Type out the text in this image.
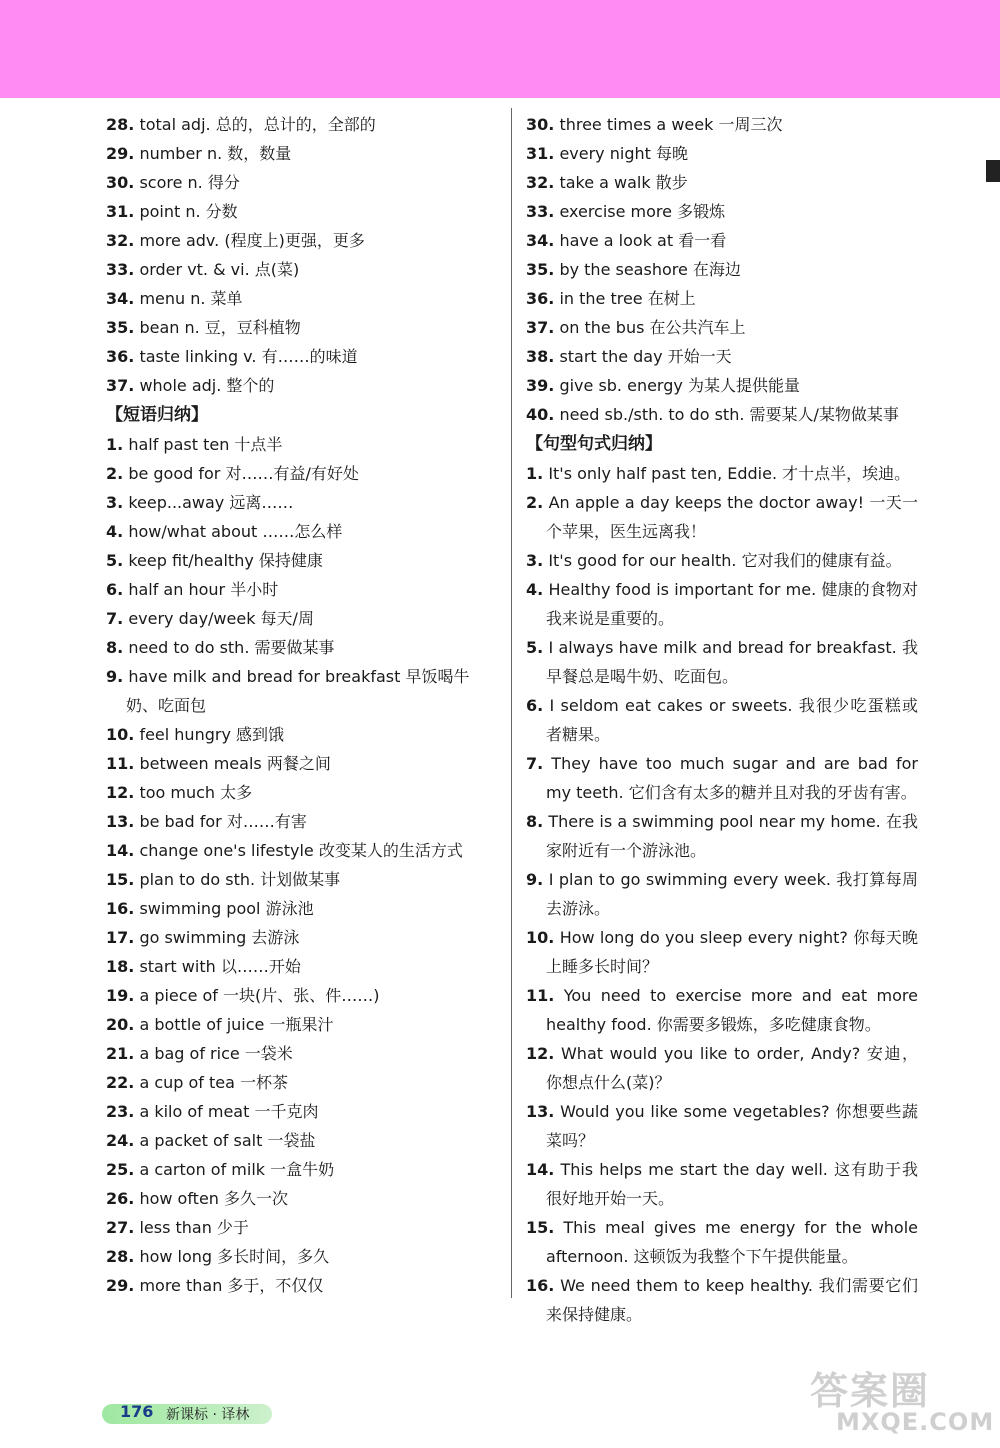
28. total adj. 总的，总计的，全部的
29. number n. 数，数量
30. score n. 得分
31. point n. 分数
32. more adv. (程度上)更强，更多
33. order vt. & vi. 点(菜)
34. menu n. 菜单
35. bean n. 豆，豆科植物
36. taste linking v. 有……的味道
37. whole adj. 整个的
【短语归纳】
1. half past ten 十点半
2. be good for 对……有益/有好处
3. keep...away 远离……
4. how/what about ……怎么样
5. keep fit/healthy 保持健康
6. half an hour 半小时
7. every day/week 每天/周
8. need to do sth. 需要做某事
9. have milk and bread for breakfast 早饭喝牛奶、吃面包
10. feel hungry 感到饿
11. between meals 两餐之间
12. too much 太多
13. be bad for 对……有害
14. change one's lifestyle 改变某人的生活方式
15. plan to do sth. 计划做某事
16. swimming pool 游泳池
17. go swimming 去游泳
18. start with 以……开始
19. a piece of 一块(片、张、件……)
20. a bottle of juice 一瓶果汁
21. a bag of rice 一袋米
22. a cup of tea 一杯茶
23. a kilo of meat 一千克肉
24. a packet of salt 一袋盐
25. a carton of milk 一盒牛奶
26. how often 多久一次
27. less than 少于
28. how long 多长时间，多久
29. more than 多于，不仅仅
30. three times a week 一周三次
31. every night 每晚
32. take a walk 散步
33. exercise more 多锻炼
34. have a look at 看一看
35. by the seashore 在海边
36. in the tree 在树上
37. on the bus 在公共汽车上
38. start the day 开始一天
39. give sb. energy 为某人提供能量
40. need sb./sth. to do sth. 需要某人/某物做某事
【句型句式归纳】
1. It's only half past ten, Eddie. 才十点半，埃迪。
2. An apple a day keeps the doctor away! 一天一个苹果，医生远离我！
3. It's good for our health. 它对我们的健康有益。
4. Healthy food is important for me. 健康的食物对我来说是重要的。
5. I always have milk and bread for breakfast. 我早餐总是喝牛奶、吃面包。
6. I seldom eat cakes or sweets. 我很少吃蛋糕或者糖果。
7. They have too much sugar and are bad for my teeth. 它们含有太多的糖并且对我的牙齿有害。
8. There is a swimming pool near my home. 在我家附近有一个游泳池。
9. I plan to go swimming every week. 我打算每周去游泳。
10. How long do you sleep every night? 你每天晚上睡多长时间？
11. You need to exercise more and eat more healthy food. 你需要多锻炼，多吃健康食物。
12. What would you like to order, Andy? 安迪，你想点什么(菜)？
13. Would you like some vegetables? 你想要些蔬菜吗？
14. This helps me start the day well. 这有助于我很好地开始一天。
15. This meal gives me energy for the whole afternoon. 这顿饭为我整个下午提供能量。
16. We need them to keep healthy. 我们需要它们来保持健康。
176 新课标 · 译林
答案圈
MXQE.COM
